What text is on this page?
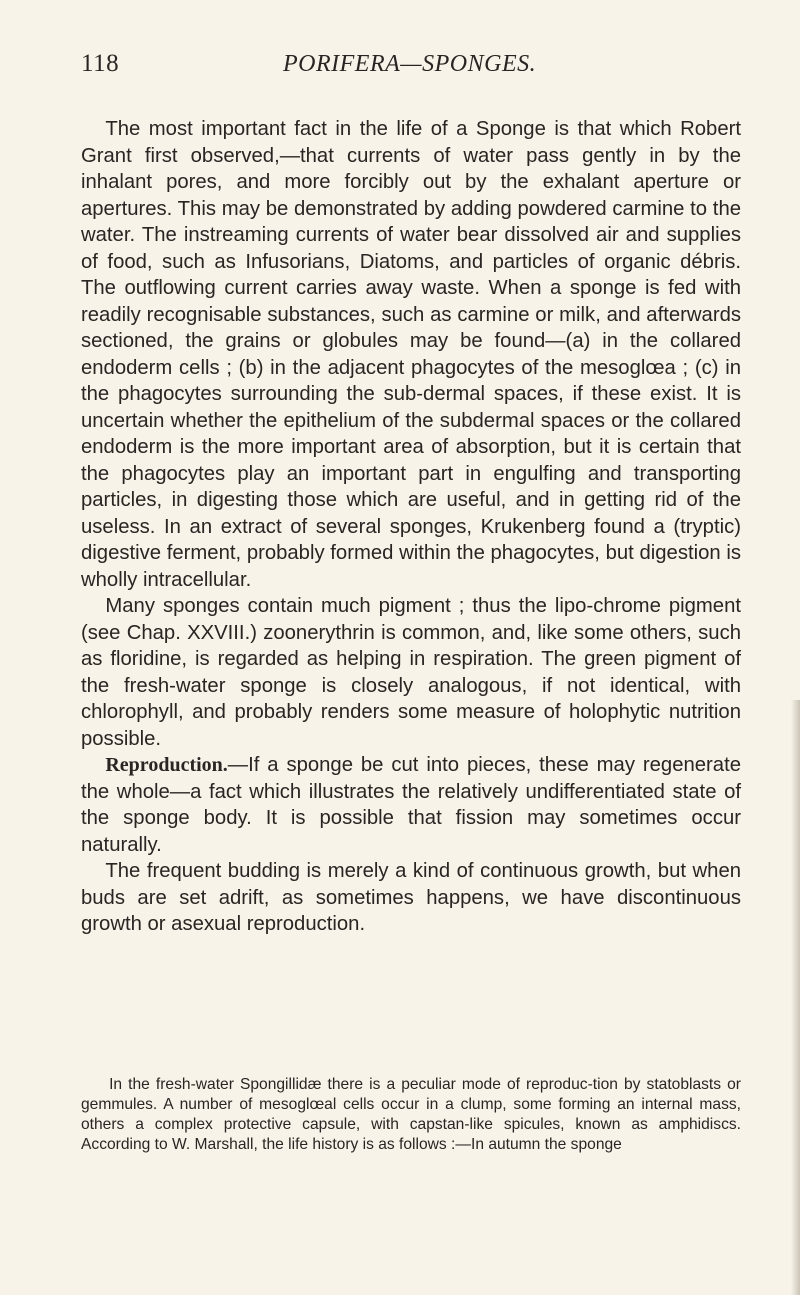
118	PORIFERA—SPONGES.

The most important fact in the life of a Sponge is that which Robert Grant first observed,—that currents of water pass gently in by the inhalant pores, and more forcibly out by the exhalant aperture or apertures. This may be demonstrated by adding powdered carmine to the water. The instreaming currents of water bear dissolved air and supplies of food, such as Infusorians, Diatoms, and particles of organic débris. The outflowing current carries away waste. When a sponge is fed with readily recognisable substances, such as carmine or milk, and afterwards sectioned, the grains or globules may be found—(a) in the collared endoderm cells ; (b) in the adjacent phagocytes of the mesoglœa ; (c) in the phagocytes surrounding the sub-dermal spaces, if these exist. It is uncertain whether the epithelium of the subdermal spaces or the collared endoderm is the more important area of absorption, but it is certain that the phagocytes play an important part in engulfing and transporting particles, in digesting those which are useful, and in getting rid of the useless. In an extract of several sponges, Krukenberg found a (tryptic) digestive ferment, probably formed within the phagocytes, but digestion is wholly intracellular.

Many sponges contain much pigment ; thus the lipo-chrome pigment (see Chap. XXVIII.) zoonerythrin is common, and, like some others, such as floridine, is regarded as helping in respiration. The green pigment of the fresh-water sponge is closely analogous, if not identical, with chlorophyll, and probably renders some measure of holophytic nutrition possible.

Reproduction.—If a sponge be cut into pieces, these may regenerate the whole—a fact which illustrates the relatively undifferentiated state of the sponge body. It is possible that fission may sometimes occur naturally.

The frequent budding is merely a kind of continuous growth, but when buds are set adrift, as sometimes happens, we have discontinuous growth or asexual reproduction.

In the fresh-water Spongillidæ there is a peculiar mode of reproduc-tion by statoblasts or gemmules. A number of mesoglœal cells occur in a clump, some forming an internal mass, others a complex protective capsule, with capstan-like spicules, known as amphidiscs. According to W. Marshall, the life history is as follows :—In autumn the sponge
